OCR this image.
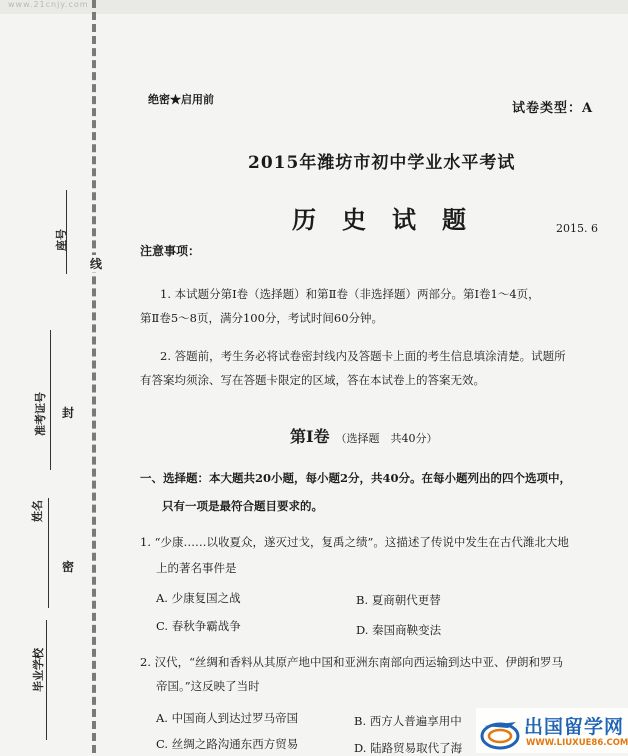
www.21cnjy.com
座号
准考证号
姓名
毕业学校
线
封
密
绝密★启用前
试卷类型：A
2015年潍坊市初中学业水平考试
历史试题	2015. 6
注意事项：
1. 本试题分第Ⅰ卷（选择题）和第Ⅱ卷（非选择题）两部分。第Ⅰ卷1～4页，
第Ⅱ卷5～8页，满分100分，考试时间60分钟。
2. 答题前，考生务必将试卷密封线内及答题卡上面的考生信息填涂清楚。试题所
有答案均须涂、写在答题卡限定的区域，答在本试卷上的答案无效。
第Ⅰ卷 （选择题　共40分）
一、选择题：本大题共20小题，每小题2分，共40分。在每小题列出的四个选项中，
只有一项是最符合题目要求的。
1. “少康……以收夏众，遂灭过戈，复禹之绩”。这描述了传说中发生在古代潍北大地
上的著名事件是
A. 少康复国之战	B. 夏商朝代更替
C. 春秋争霸战争	D. 秦国商鞅变法
2. 汉代，“丝绸和香料从其原产地中国和亚洲东南部向西运输到达中亚、伊朗和罗马
帝国。”这反映了当时
A. 中国商人到达过罗马帝国	B. 西方人普遍享用中
C. 丝绸之路沟通东西方贸易	D. 陆路贸易取代了海
出国留学网
WWW.LIUXUE86.COM
